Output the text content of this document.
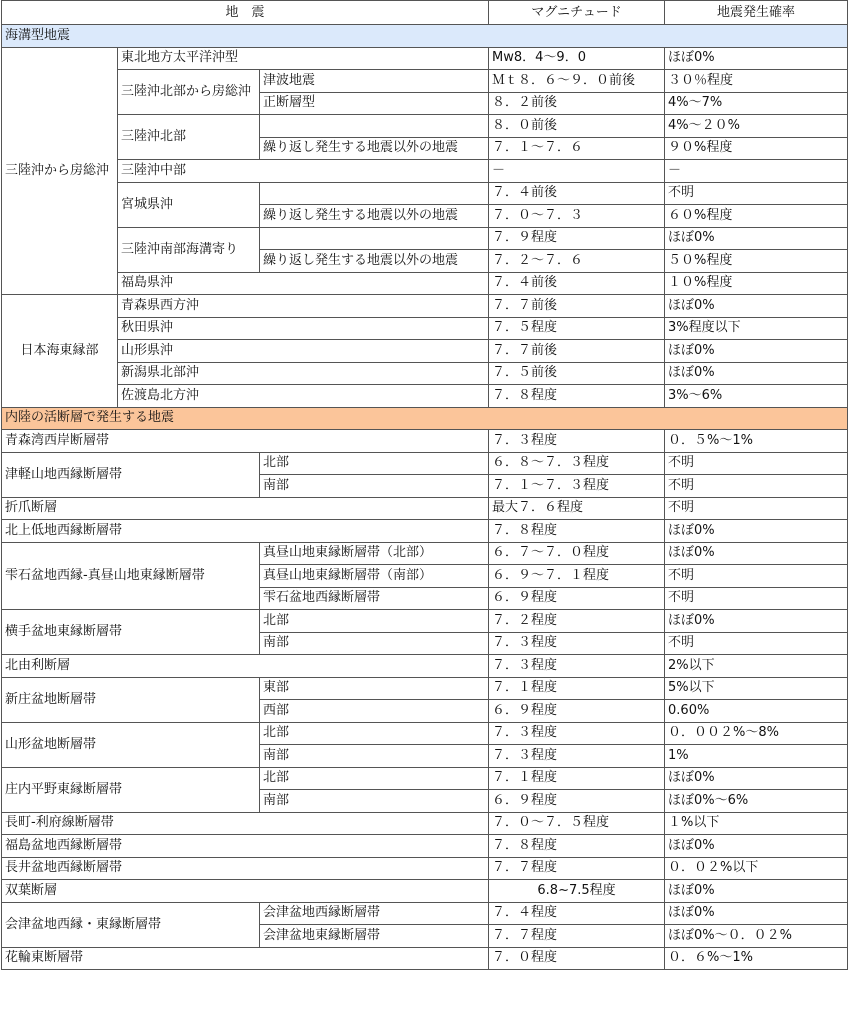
地　震			マグニチュード	地震発生確率
海溝型地震				
三陸沖から房総沖	東北地方太平洋沖型		Mw8．4～9．0	ほぼ0%
	三陸沖北部から房総沖	津波地震	Ｍｔ８．６～９．０前後	３０％程度
		正断層型	８．２前後	4%～7%
	三陸沖北部		８．０前後	4%～２０%
		繰り返し発生する地震以外の地震	７．１～７．６	９０%程度
	三陸沖中部		－	－
	宮城県沖		７．４前後	不明
		繰り返し発生する地震以外の地震	７．０～７．３	６０%程度
	三陸沖南部海溝寄り		７．９程度	ほぼ0%
		繰り返し発生する地震以外の地震	７．２～７．６	５０%程度
	福島県沖		７．４前後	１０%程度
日本海東縁部	青森県西方沖		７．７前後	ほぼ0%
	秋田県沖		７．５程度	3%程度以下
	山形県沖		７．７前後	ほぼ0%
	新潟県北部沖		７．５前後	ほぼ0%
	佐渡島北方沖		７．８程度	3%～6%
内陸の活断層で発生する地震				
青森湾西岸断層帯			７．３程度	０．５%～1%
津軽山地西縁断層帯		北部	６．８～７．３程度	不明
		南部	７．１～７．３程度	不明
折爪断層			最大７．６程度	不明
北上低地西縁断層帯			７．８程度	ほぼ0%
雫石盆地西縁-真昼山地東縁断層帯		真昼山地東縁断層帯（北部）	６．７～７．０程度	ほぼ0%
		真昼山地東縁断層帯（南部）	６．９～７．１程度	不明
		雫石盆地西縁断層帯	６．９程度	不明
横手盆地東縁断層帯		北部	７．２程度	ほぼ0%
		南部	７．３程度	不明
北由利断層			７．３程度	2%以下
新庄盆地断層帯		東部	７．１程度	5%以下
		西部	６．９程度	0.60%
山形盆地断層帯		北部	７．３程度	０．００２%～8%
		南部	７．３程度	1%
庄内平野東縁断層帯		北部	７．１程度	ほぼ0%
		南部	６．９程度	ほぼ0%～6%
長町-利府線断層帯			７．０～７．５程度	１%以下
福島盆地西縁断層帯			７．８程度	ほぼ0%
長井盆地西縁断層帯			７．７程度	０．０２%以下
双葉断層			6.8~7.5程度	ほぼ0%
会津盆地西縁・東縁断層帯		会津盆地西縁断層帯	７．４程度	ほぼ0%
		会津盆地東縁断層帯	７．７程度	ほぼ0%～０．０２%
花輪東断層帯			７．０程度	０．６%～1%
